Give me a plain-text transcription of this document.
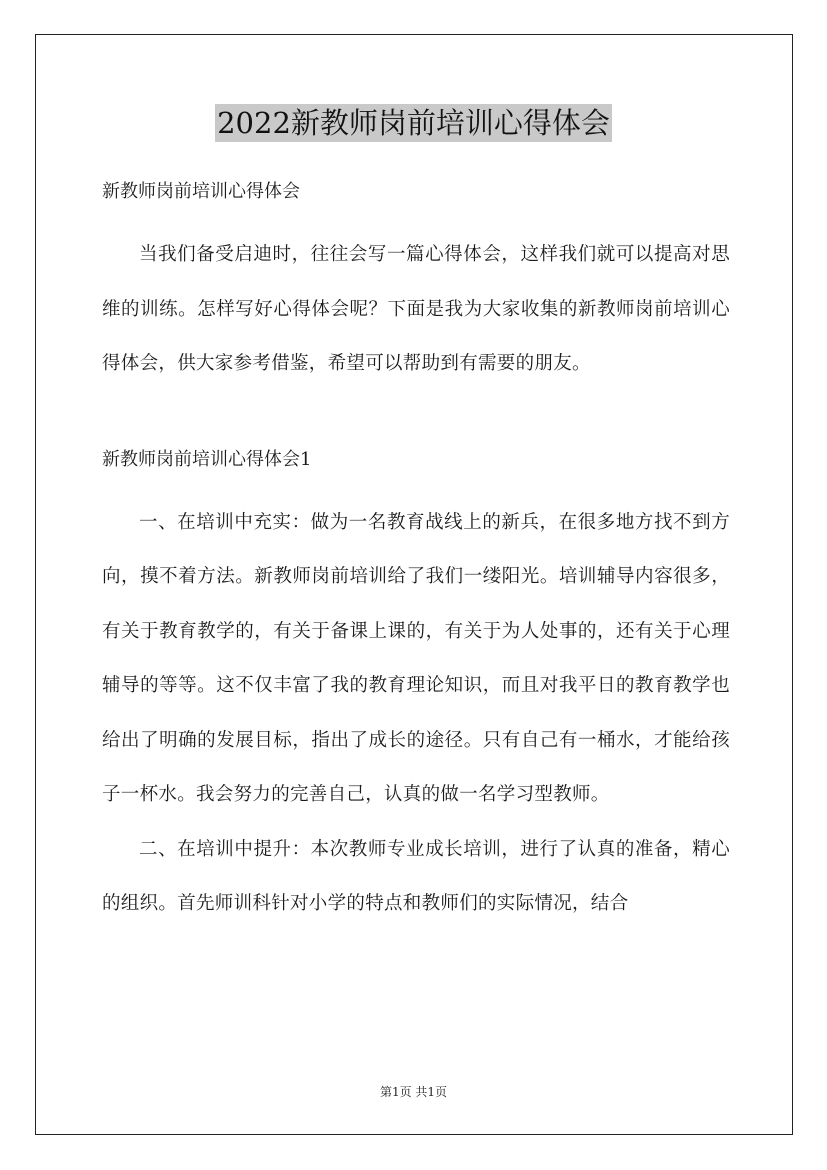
2022新教师岗前培训心得体会

新教师岗前培训心得体会

当我们备受启迪时，往往会写一篇心得体会，这样我们就可以提高对思维的训练。怎样写好心得体会呢？下面是我为大家收集的新教师岗前培训心得体会，供大家参考借鉴，希望可以帮助到有需要的朋友。

新教师岗前培训心得体会1

一、在培训中充实：做为一名教育战线上的新兵，在很多地方找不到方向，摸不着方法。新教师岗前培训给了我们一缕阳光。培训辅导内容很多，有关于教育教学的，有关于备课上课的，有关于为人处事的，还有关于心理辅导的等等。这不仅丰富了我的教育理论知识，而且对我平日的教育教学也给出了明确的发展目标，指出了成长的途径。只有自己有一桶水，才能给孩子一杯水。我会努力的完善自己，认真的做一名学习型教师。

二、在培训中提升：本次教师专业成长培训，进行了认真的准备，精心的组织。首先师训科针对小学的特点和教师们的实际情况，结合

第1页 共1页
